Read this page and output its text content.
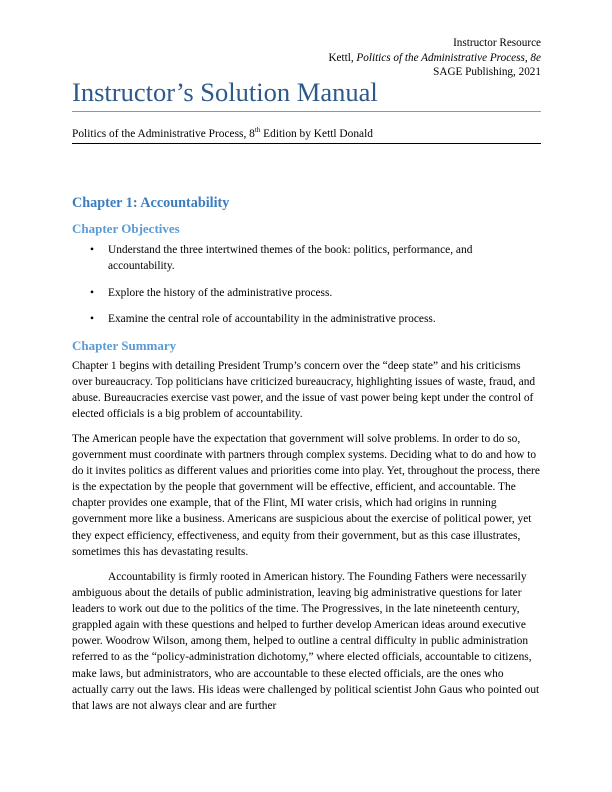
Instructor Resource
Kettl, Politics of the Administrative Process, 8e
SAGE Publishing, 2021
Instructor’s Solution Manual
Politics of the Administrative Process, 8th Edition by Kettl Donald
Chapter 1: Accountability
Chapter Objectives
• Understand the three intertwined themes of the book: politics, performance, and accountability.
• Explore the history of the administrative process.
• Examine the central role of accountability in the administrative process.
Chapter Summary

Chapter 1 begins with detailing President Trump’s concern over the “deep state” and his criticisms over bureaucracy. Top politicians have criticized bureaucracy, highlighting issues of waste, fraud, and abuse. Bureaucracies exercise vast power, and the issue of vast power being kept under the control of elected officials is a big problem of accountability.

The American people have the expectation that government will solve problems. In order to do so, government must coordinate with partners through complex systems. Deciding what to do and how to do it invites politics as different values and priorities come into play. Yet, throughout the process, there is the expectation by the people that government will be effective, efficient, and accountable. The chapter provides one example, that of the Flint, MI water crisis, which had origins in running government more like a business. Americans are suspicious about the exercise of political power, yet they expect efficiency, effectiveness, and equity from their government, but as this case illustrates, sometimes this has devastating results.

Accountability is firmly rooted in American history. The Founding Fathers were necessarily ambiguous about the details of public administration, leaving big administrative questions for later leaders to work out due to the politics of the time. The Progressives, in the late nineteenth century, grappled again with these questions and helped to further develop American ideas around executive power. Woodrow Wilson, among them, helped to outline a central difficulty in public administration referred to as the “policy-administration dichotomy,” where elected officials, accountable to citizens, make laws, but administrators, who are accountable to these elected officials, are the ones who actually carry out the laws. His ideas were challenged by political scientist John Gaus who pointed out that laws are not always clear and are further
